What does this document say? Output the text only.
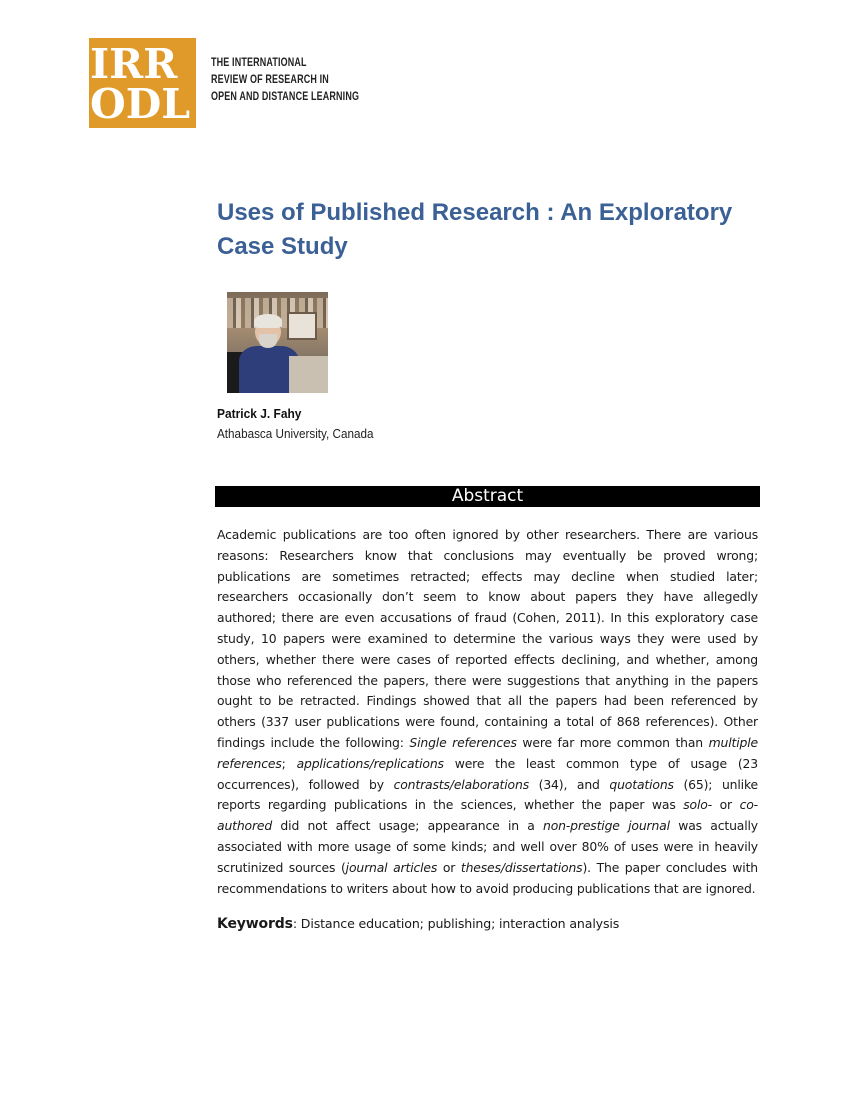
IRR
ODL
THE INTERNATIONAL
REVIEW OF RESEARCH IN
OPEN AND DISTANCE LEARNING
Uses of Published Research : An Exploratory Case Study
Patrick J. Fahy
Athabasca University, Canada
Abstract

Academic publications are too often ignored by other researchers. There are various reasons: Researchers know that conclusions may eventually be proved wrong; publications are sometimes retracted; effects may decline when studied later; researchers occasionally don’t seem to know about papers they have allegedly authored; there are even accusations of fraud (Cohen, 2011). In this exploratory case study, 10 papers were examined to determine the various ways they were used by others, whether there were cases of reported effects declining, and whether, among those who referenced the papers, there were suggestions that anything in the papers ought to be retracted. Findings showed that all the papers had been referenced by others (337 user publications were found, containing a total of 868 references). Other findings include the following: Single references were far more common than multiple references; applications/replications were the least common type of usage (23 occurrences), followed by contrasts/elaborations (34), and quotations (65); unlike reports regarding publications in the sciences, whether the paper was solo- or co-authored did not affect usage; appearance in a non-prestige journal was actually associated with more usage of some kinds; and well over 80% of uses were in heavily scrutinized sources (journal articles or theses/dissertations). The paper concludes with recommendations to writers about how to avoid producing publications that are ignored.

Keywords: Distance education; publishing; interaction analysis
